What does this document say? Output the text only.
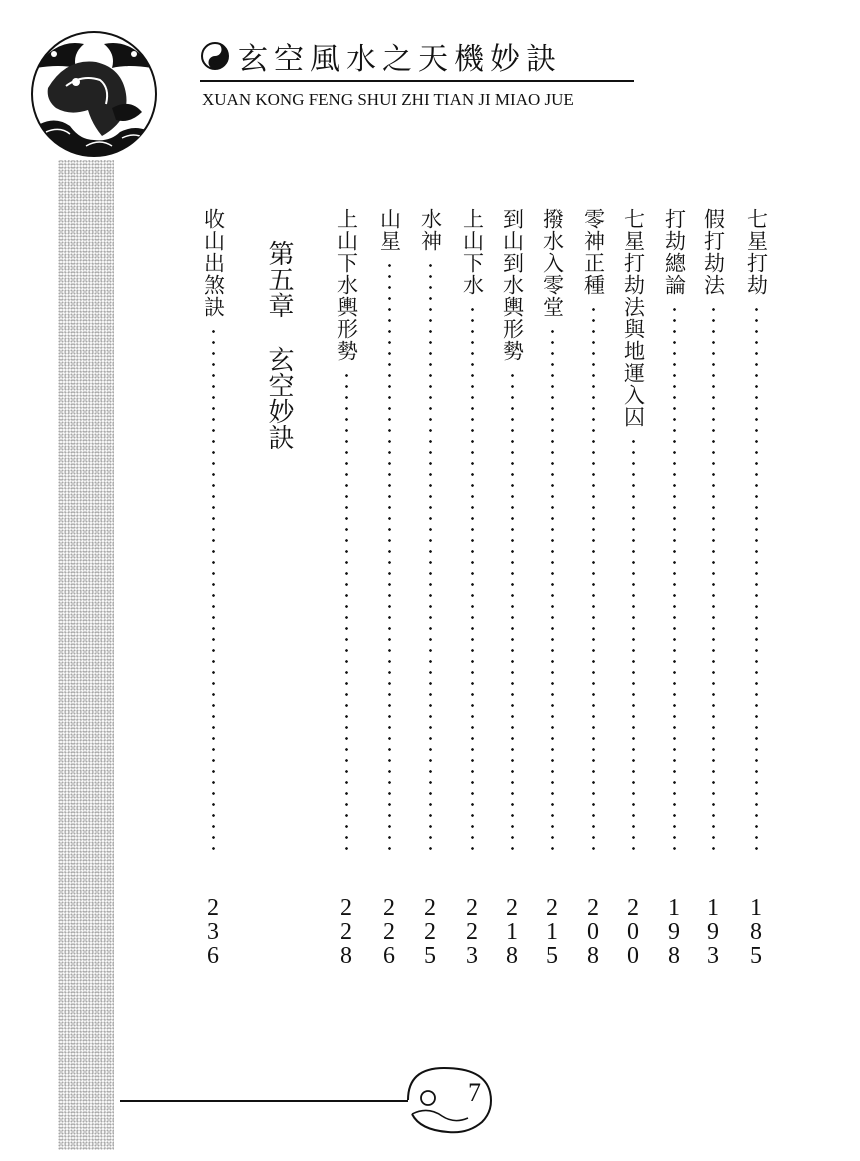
玄空風水之天機妙訣
XUAN KONG FENG SHUI ZHI TIAN JI MIAO JUE
七星打劫
1
8
5
假打劫法
1
9
3
打劫總論
1
9
8
七星打劫法與地運入囚
2
0
0
零神正種
2
0
8
撥水入零堂
2
1
5
到山到水輿形勢
2
1
8
上山下水
2
2
3
水神
2
2
5
山星
2
2
6
上山下水輿形勢
2
2
8
第五章玄空妙訣
收山出煞訣
2
3
6
7
